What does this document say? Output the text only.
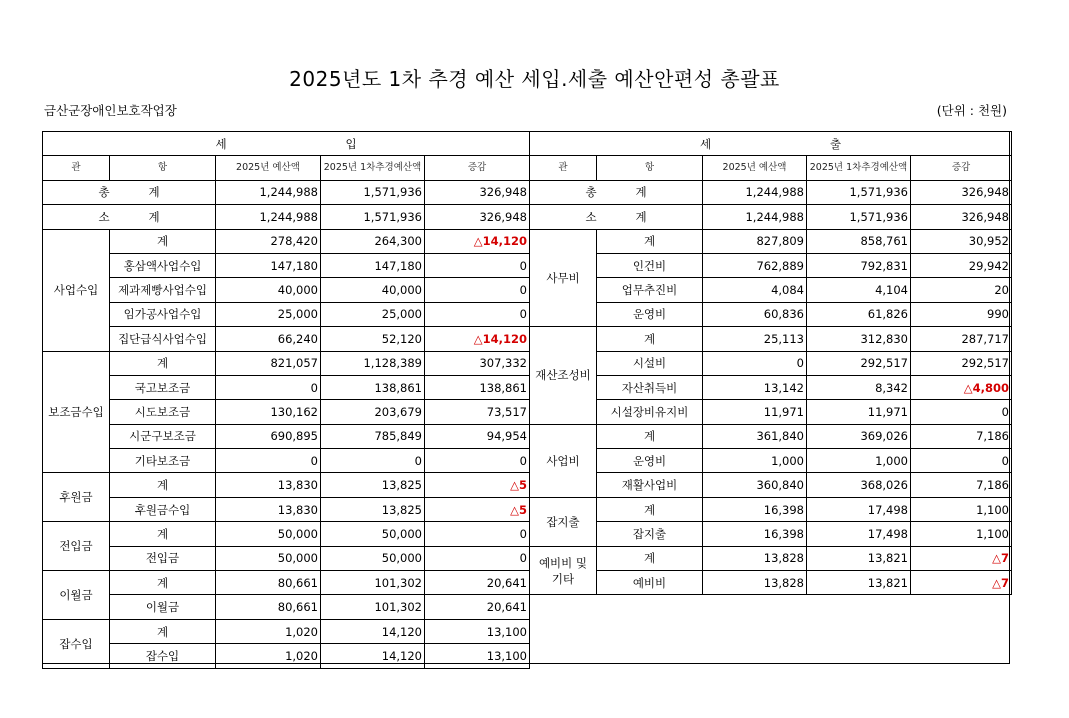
2025년도 1차 추경 예산 세입.세출 예산안편성 총괄표
금산군장애인보호작업장	(단위 : 천원)
세 입				
관	항	2025년 예산액	2025년 1차추경예산액	증감
총 계		1,244,988	1,571,936	326,948
소 계		1,244,988	1,571,936	326,948
사업수입	계	278,420	264,300	△14,120
	홍삼액사업수입	147,180	147,180	0
	제과제빵사업수입	40,000	40,000	0
	임가공사업수입	25,000	25,000	0
	집단급식사업수입	66,240	52,120	△14,120
보조금수입	계	821,057	1,128,389	307,332
	국고보조금	0	138,861	138,861
	시도보조금	130,162	203,679	73,517
	시군구보조금	690,895	785,849	94,954
	기타보조금	0	0	0
후원금	계	13,830	13,825	△5
	후원금수입	13,830	13,825	△5
전입금	계	50,000	50,000	0
	전입금	50,000	50,000	0
이월금	계	80,661	101,302	20,641
	이월금	80,661	101,302	20,641
잡수입	계	1,020	14,120	13,100
	잡수입	1,020	14,120	13,100
세 출				
관	항	2025년 예산액	2025년 1차추경예산액	증감
총 계		1,244,988	1,571,936	326,948
소 계		1,244,988	1,571,936	326,948
사무비	계	827,809	858,761	30,952
	인건비	762,889	792,831	29,942
	업무추진비	4,084	4,104	20
	운영비	60,836	61,826	990
재산조성비	계	25,113	312,830	287,717
	시설비	0	292,517	292,517
	자산취득비	13,142	8,342	△4,800
	시설장비유지비	11,971	11,971	0
사업비	계	361,840	369,026	7,186
	운영비	1,000	1,000	0
	재활사업비	360,840	368,026	7,186
잡지출	계	16,398	17,498	1,100
	잡지출	16,398	17,498	1,100
예비비 및
기타	계	13,828	13,821	△7
	예비비	13,828	13,821	△7
